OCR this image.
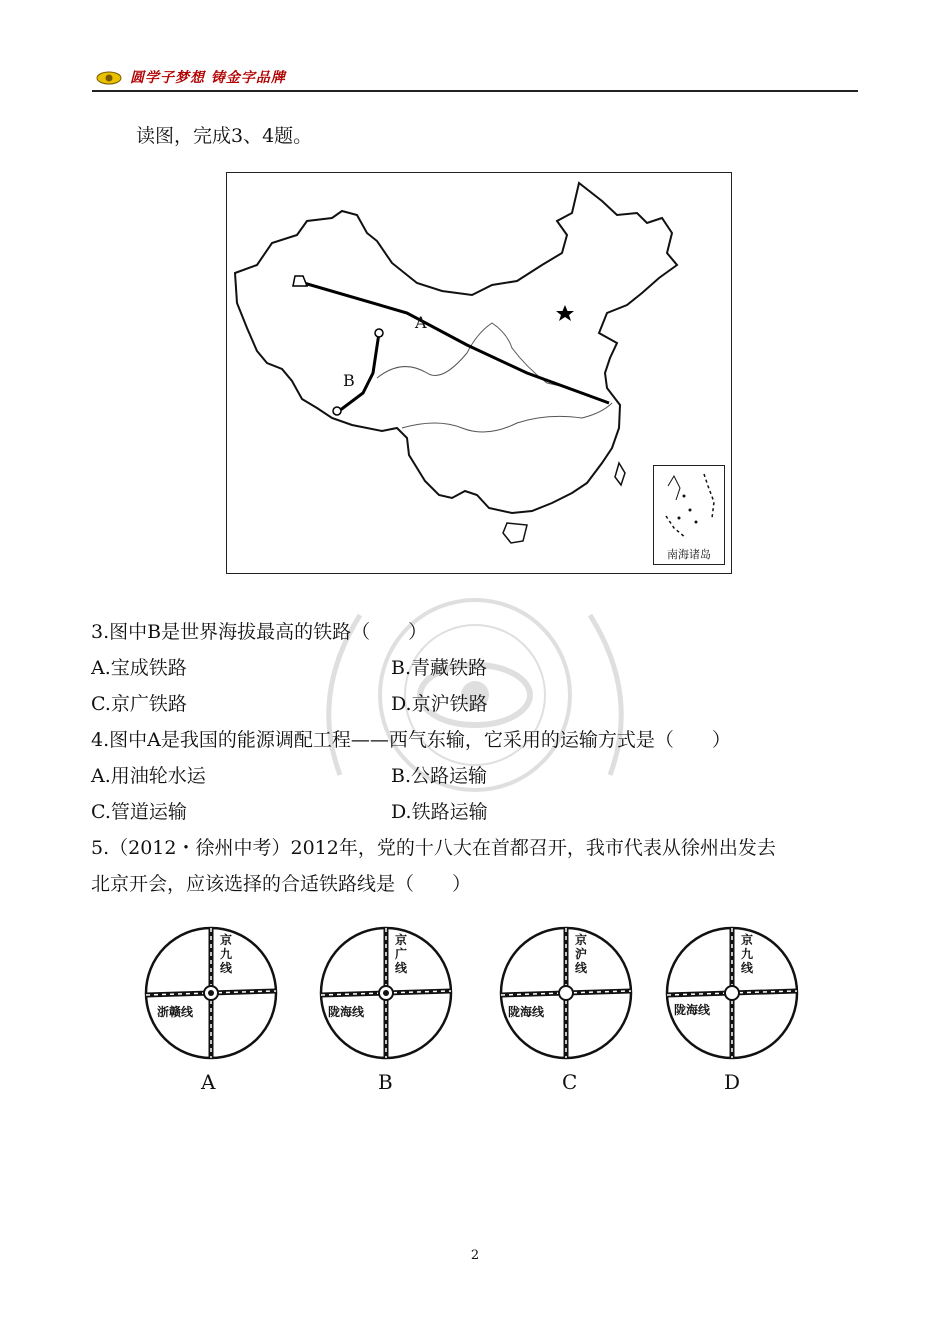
圆学子梦想 铸金字品牌
读图，完成3、4题。
A
B
南海诸岛
3.图中B是世界海拔最高的铁路（　　）
A.宝成铁路	B.青藏铁路
C.京广铁路	D.京沪铁路
4.图中A是我国的能源调配工程——西气东输，它采用的运输方式是（　　）
A.用油轮水运	B.公路运输
C.管道运输	D.铁路运输
5.（2012・徐州中考）2012年，党的十八大在首都召开，我市代表从徐州出发去
北京开会，应该选择的合适铁路线是（　　）
京九线
浙赣线
A
京广线
陇海线
B
京沪线
陇海线
C
京九线
陇海线
D
2
